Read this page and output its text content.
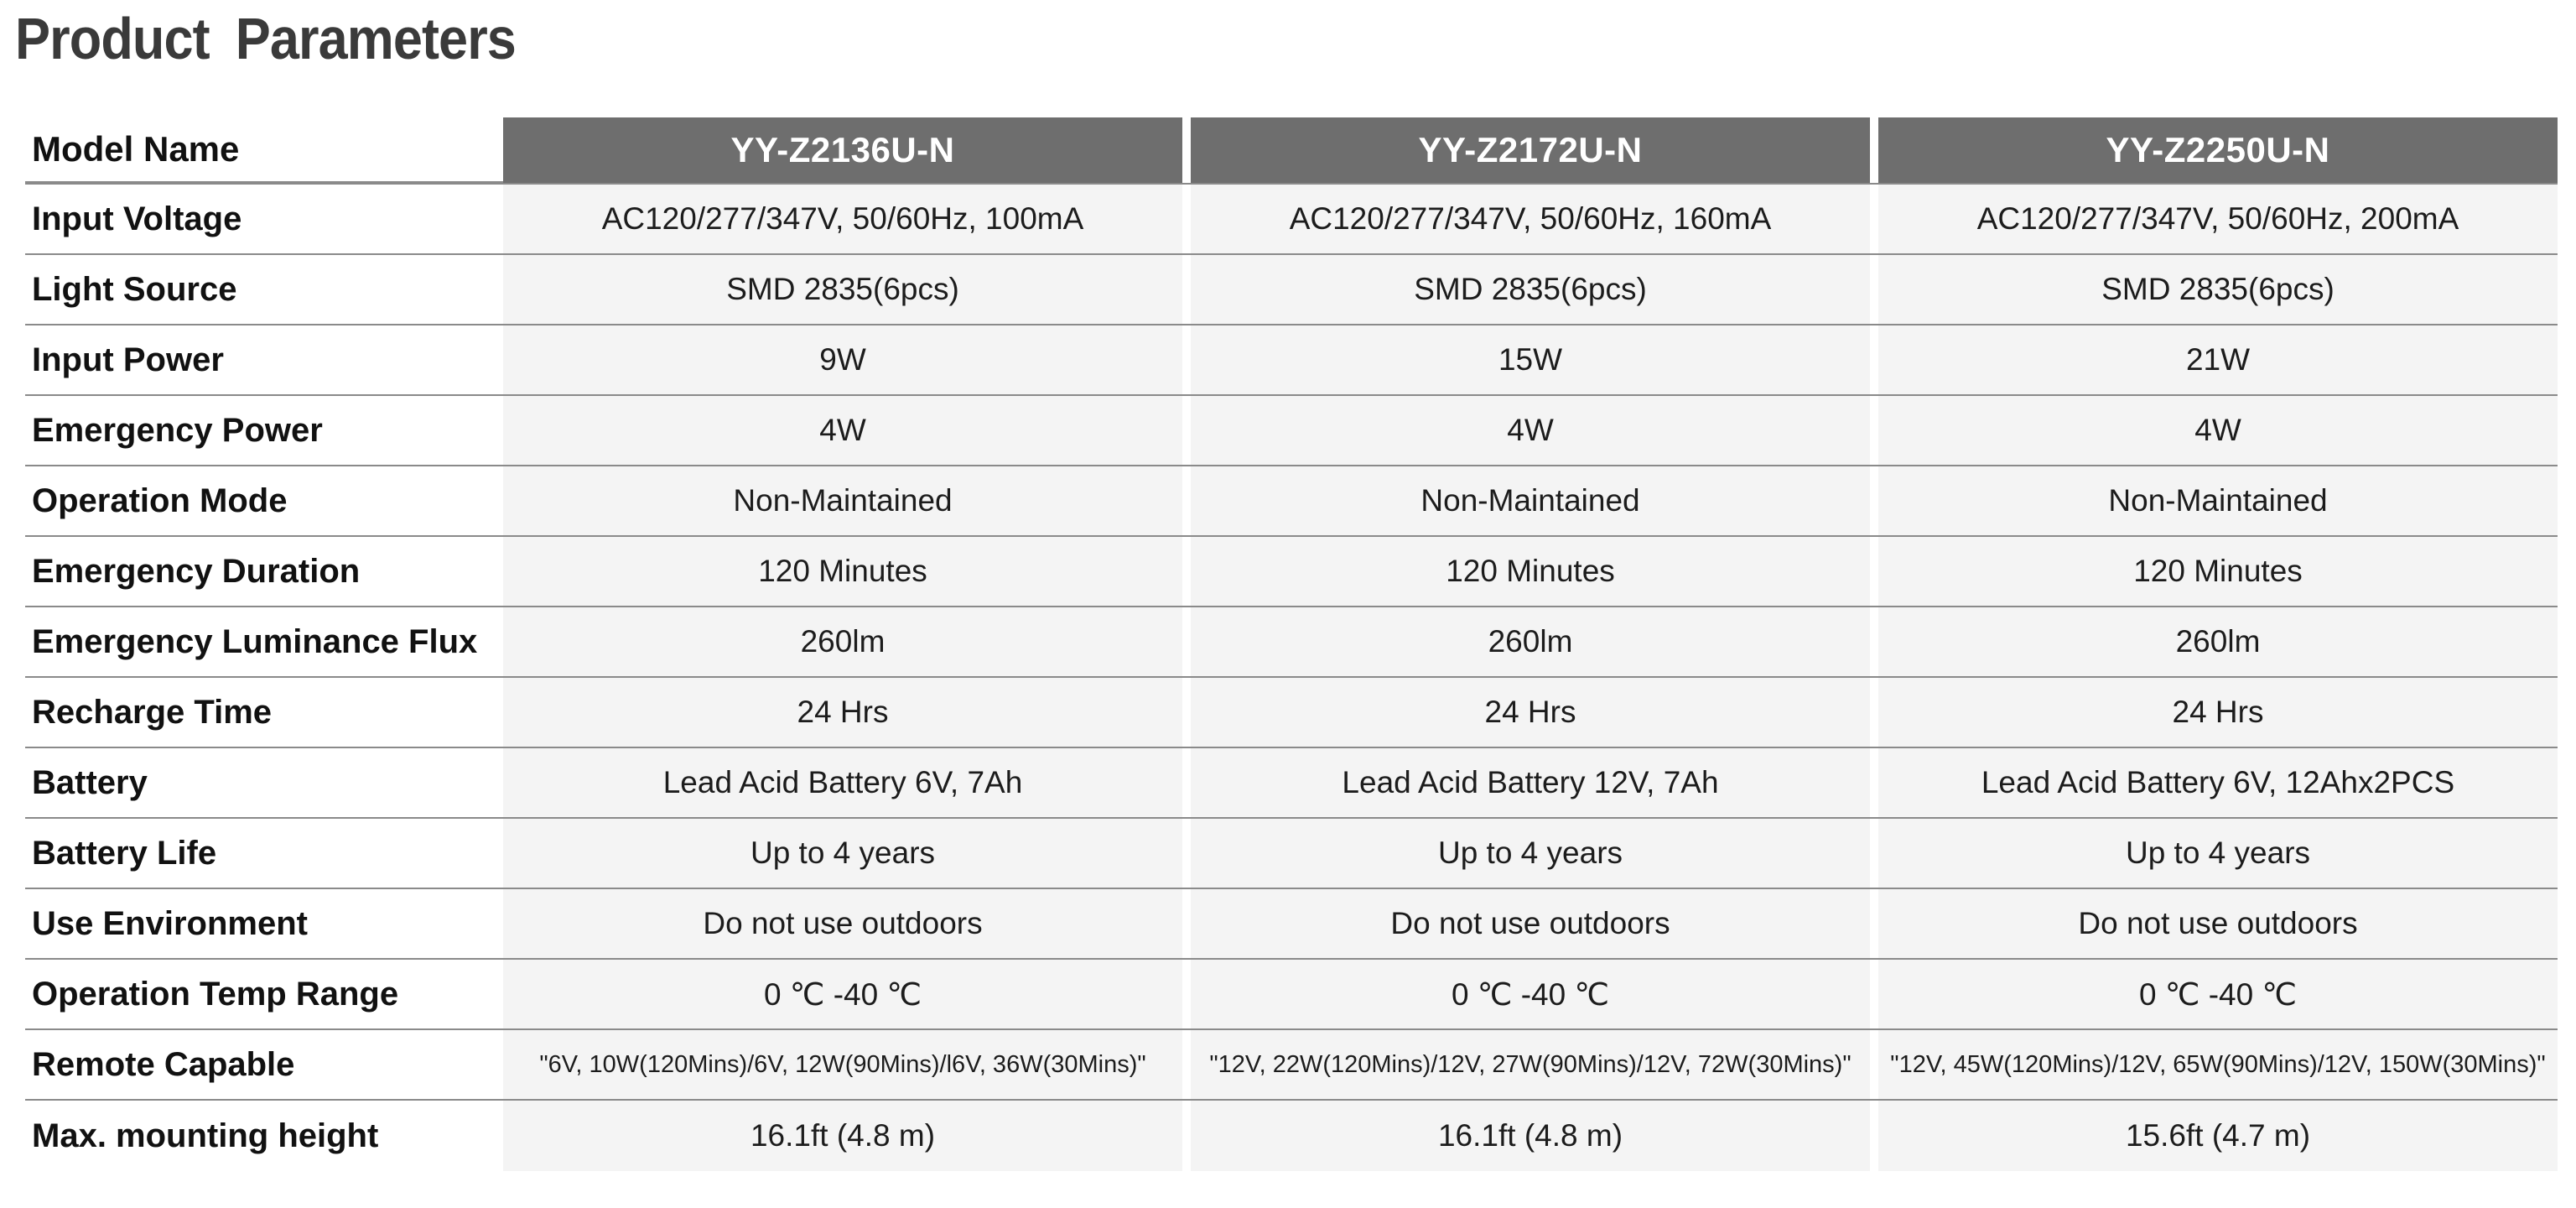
Product Parameters
Model Name	YY-Z2136U-N		YY-Z2172U-N		YY-Z2250U-N
Input Voltage	AC120/277/347V, 50/60Hz, 100mA		AC120/277/347V, 50/60Hz, 160mA		AC120/277/347V, 50/60Hz, 200mA
Light Source	SMD 2835(6pcs)		SMD 2835(6pcs)		SMD 2835(6pcs)
Input Power	9W		15W		21W
Emergency Power	4W		4W		4W
Operation Mode	Non-Maintained		Non-Maintained		Non-Maintained
Emergency Duration	120 Minutes		120 Minutes		120 Minutes
Emergency Luminance Flux	260lm		260lm		260lm
Recharge Time	24 Hrs		24 Hrs		24 Hrs
Battery	Lead Acid Battery 6V, 7Ah		Lead Acid Battery 12V, 7Ah		Lead Acid Battery 6V, 12Ahx2PCS
Battery Life	Up to 4 years		Up to 4 years		Up to 4 years
Use Environment	Do not use outdoors		Do not use outdoors		Do not use outdoors
Operation Temp Range	0 ℃ -40 ℃		0 ℃ -40 ℃		0 ℃ -40 ℃
Remote Capable	"6V, 10W(120Mins)/6V, 12W(90Mins)/l6V, 36W(30Mins)"		"12V, 22W(120Mins)/12V, 27W(90Mins)/12V, 72W(30Mins)"		"12V, 45W(120Mins)/12V, 65W(90Mins)/12V, 150W(30Mins)"
Max. mounting height	16.1ft (4.8 m)		16.1ft (4.8 m)		15.6ft (4.7 m)
